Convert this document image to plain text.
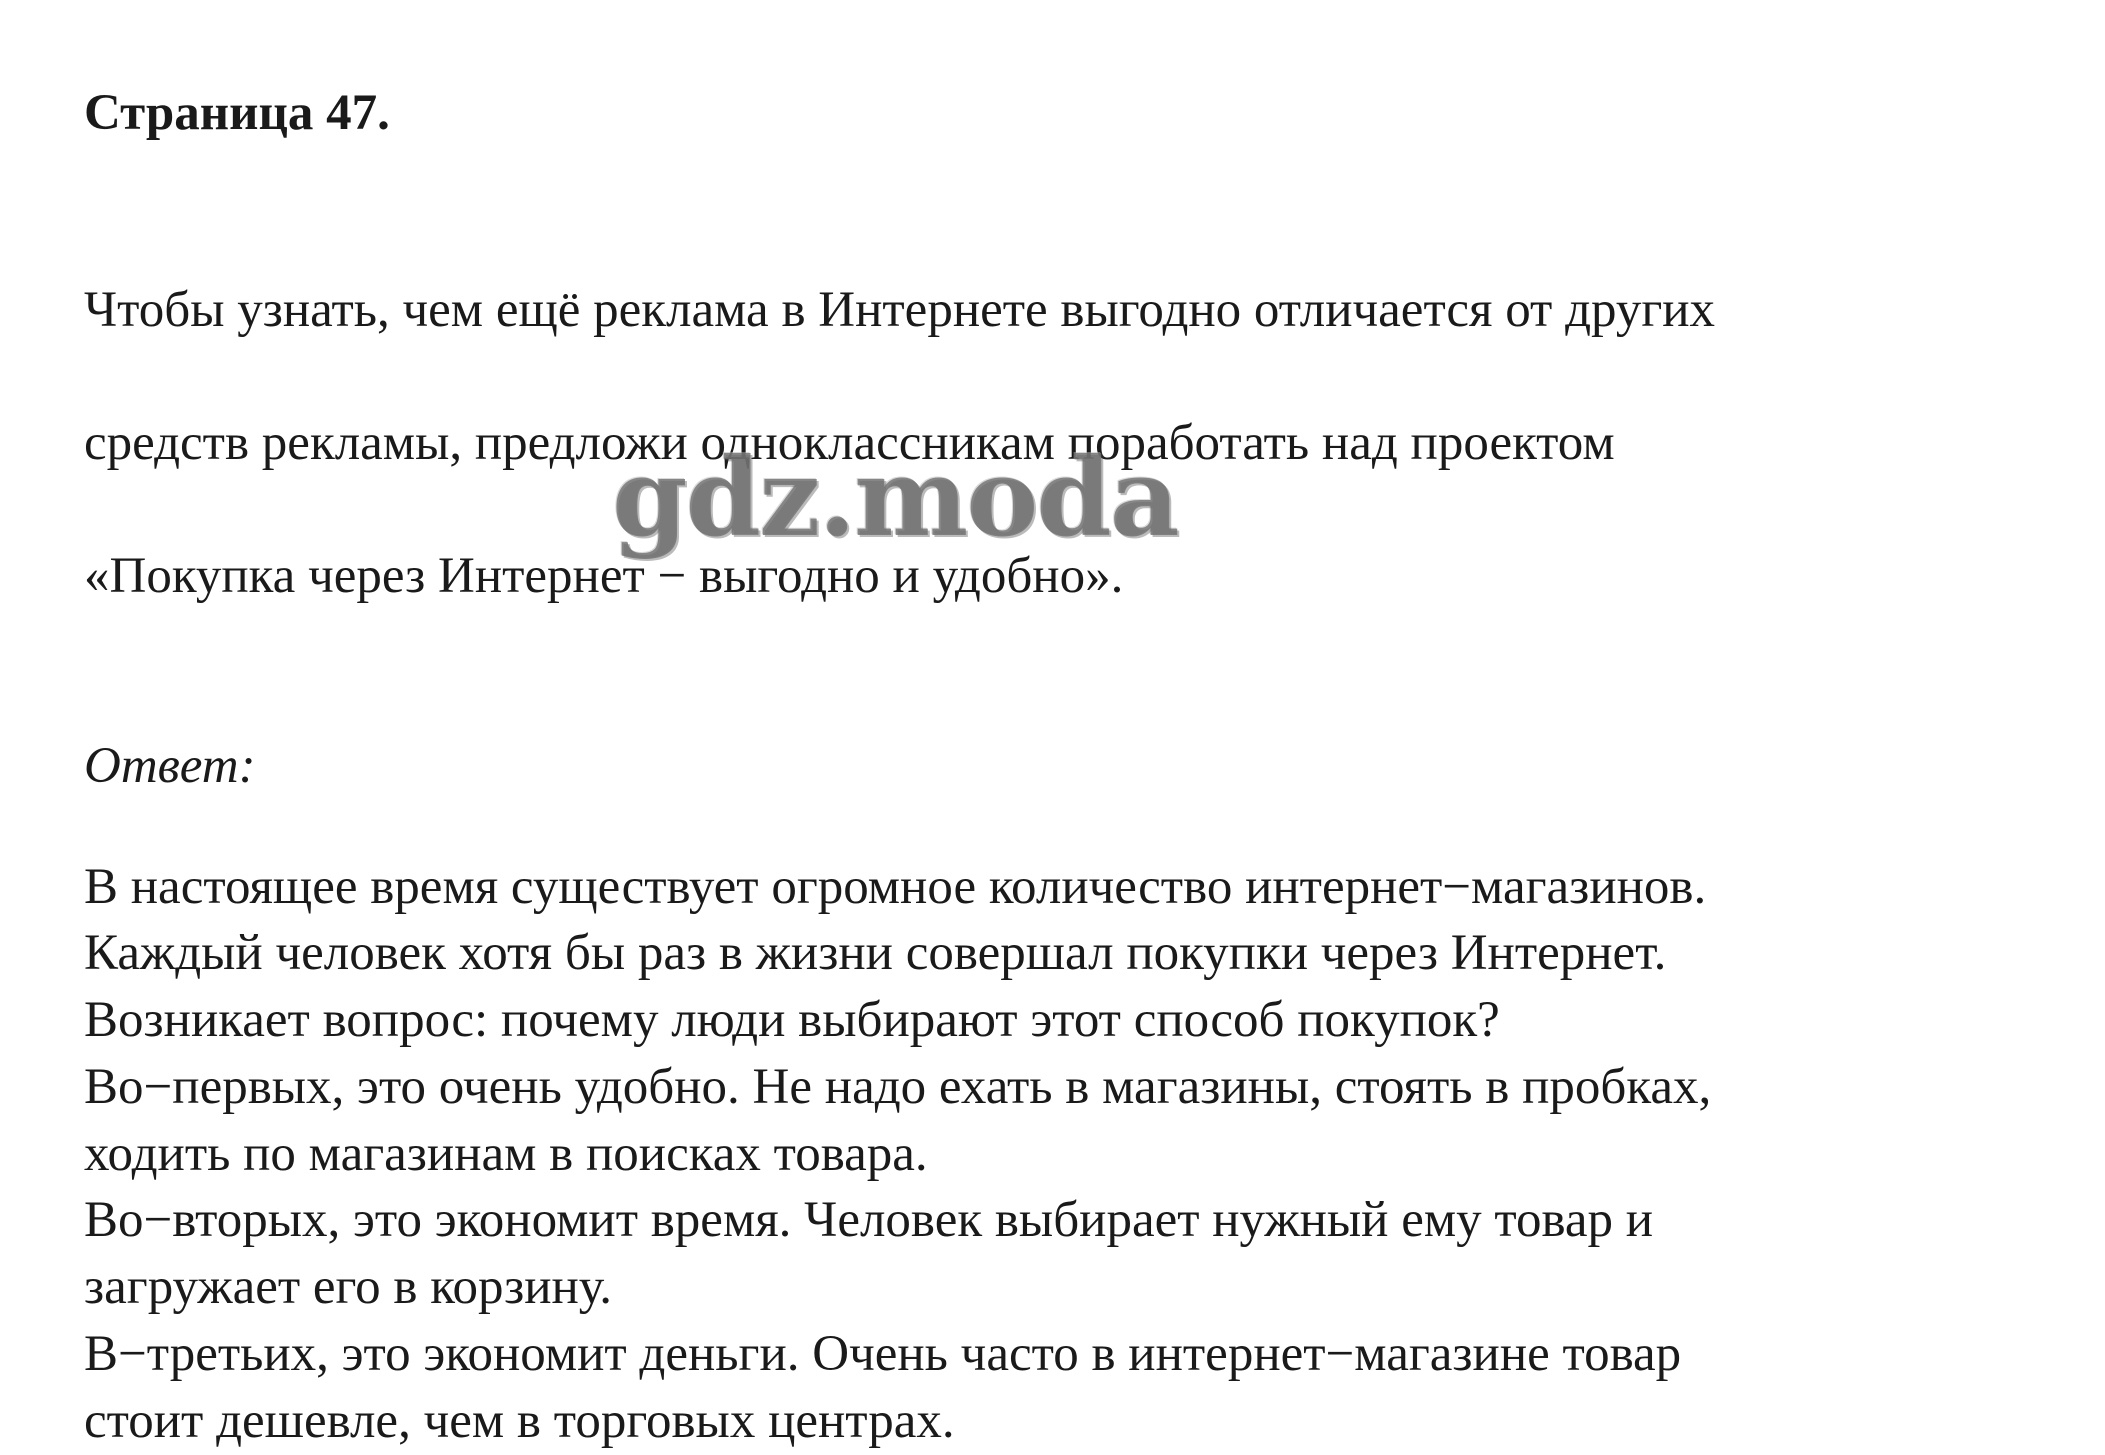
Страница 47.

Чтобы узнать, чем ещё реклама в Интернете выгодно отличается от других

средств рекламы, предложи одноклассникам поработать над проектом

«Покупка через Интернет − выгодно и удобно».

Ответ:
В настоящее время существует огромное количество интернет−магазинов.
Каждый человек хотя бы раз в жизни совершал покупки через Интернет.
Возникает вопрос: почему люди выбирают этот способ покупок?
Во−первых, это очень удобно. Не надо ехать в магазины, стоять в пробках,
ходить по магазинам в поисках товара.
Во−вторых, это экономит время. Человек выбирает нужный ему товар и
загружает его в корзину.
В−третьих, это экономит деньги. Очень часто в интернет−магазине товар
стоит дешевле, чем в торговых центрах.
gdz.moda
